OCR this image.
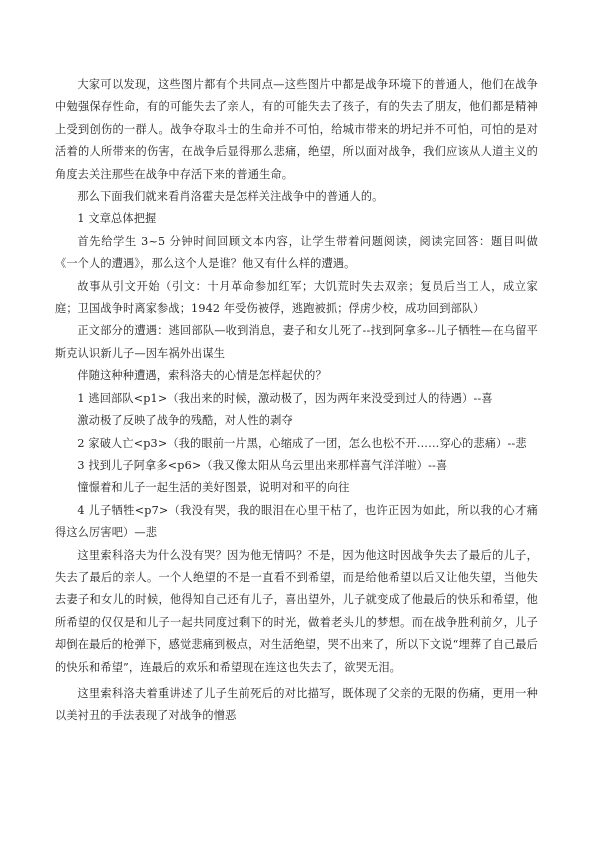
大家可以发现，这些图片都有个共同点—这些图片中都是战争环境下的普通人，他们在战争中勉强保存性命，有的可能失去了亲人，有的可能失去了孩子，有的失去了朋友，他们都是精神上受到创伤的一群人。战争夺取斗士的生命并不可怕，给城市带来的坍圮并不可怕，可怕的是对活着的人所带来的伤害，在战争后显得那么悲痛，绝望，所以面对战争，我们应该从人道主义的角度去关注那些在战争中存活下来的普通生命。

那么下面我们就来看肖洛霍夫是怎样关注战争中的普通人的。

1 文章总体把握

首先给学生 3~5 分钟时间回顾文本内容，让学生带着问题阅读，阅读完回答：题目叫做《一个人的遭遇》，那么这个人是谁？他又有什么样的遭遇。

故事从引文开始（引文：十月革命参加红军；大饥荒时失去双亲；复员后当工人，成立家庭；卫国战争时离家参战；1942 年受伤被俘，逃跑被抓；俘虏少校，成功回到部队）

正文部分的遭遇：逃回部队—收到消息，妻子和女儿死了--找到阿拿多--儿子牺牲—在乌留平斯克认识新儿子—因车祸外出谋生

伴随这种种遭遇，索科洛夫的心情是怎样起伏的？

1 逃回部队<p1>（我出来的时候，激动极了，因为两年来没受到过人的待遇）--喜

激动极了反映了战争的残酷，对人性的剥夺

2 家破人亡<p3>（我的眼前一片黑，心缩成了一团，怎么也松不开……穿心的悲痛）--悲

3 找到儿子阿拿多<p6>（我又像太阳从乌云里出来那样喜气洋洋啦）--喜

憧憬着和儿子一起生活的美好图景，说明对和平的向往

4 儿子牺牲<p7>（我没有哭，我的眼泪在心里干枯了，也许正因为如此，所以我的心才痛得这么厉害吧）—悲

这里索科洛夫为什么没有哭？因为他无情吗？不是，因为他这时因战争失去了最后的儿子，失去了最后的亲人。一个人绝望的不是一直看不到希望，而是给他希望以后又让他失望，当他失去妻子和女儿的时候，他得知自己还有儿子，喜出望外，儿子就变成了他最后的快乐和希望，他所希望的仅仅是和儿子一起共同度过剩下的时光，做着老头儿的梦想。而在战争胜利前夕，儿子却倒在最后的枪弹下，感觉悲痛到极点，对生活绝望，哭不出来了，所以下文说“埋葬了自己最后的快乐和希望”，连最后的欢乐和希望现在连这也失去了，欲哭无泪。

这里索科洛夫着重讲述了儿子生前死后的对比描写，既体现了父亲的无限的伤痛，更用一种以美衬丑的手法表现了对战争的憎恶
